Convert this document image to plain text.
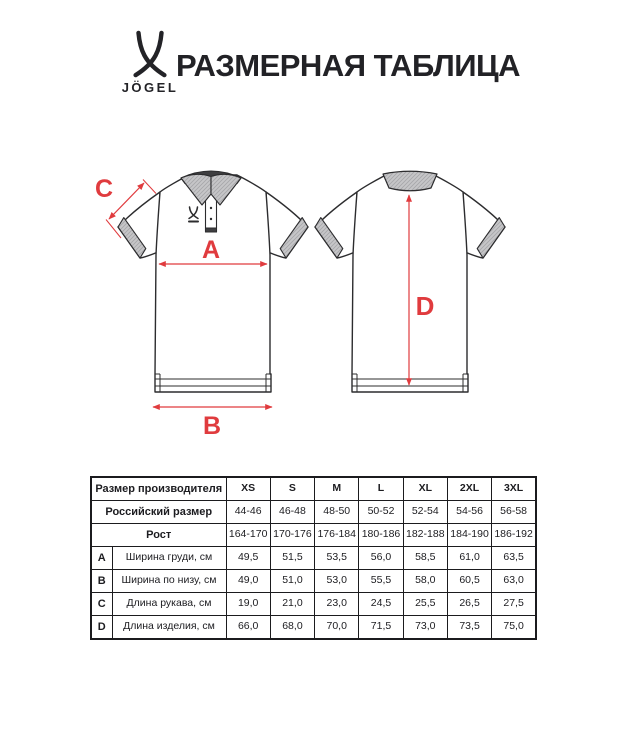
JÖGEL
РАЗМЕРНАЯ ТАБЛИЦА
A
B
C
D
Размер производителя		XS	S	M	L	XL	2XL	3XL
Российский размер		44-46	46-48	48-50	50-52	52-54	54-56	56-58
Рост		164-170	170-176	176-184	180-186	182-188	184-190	186-192
A	Ширина груди, см	49,5	51,5	53,5	56,0	58,5	61,0	63,5
B	Ширина по низу, см	49,0	51,0	53,0	55,5	58,0	60,5	63,0
C	Длина рукава, см	19,0	21,0	23,0	24,5	25,5	26,5	27,5
D	Длина изделия, см	66,0	68,0	70,0	71,5	73,0	73,5	75,0
